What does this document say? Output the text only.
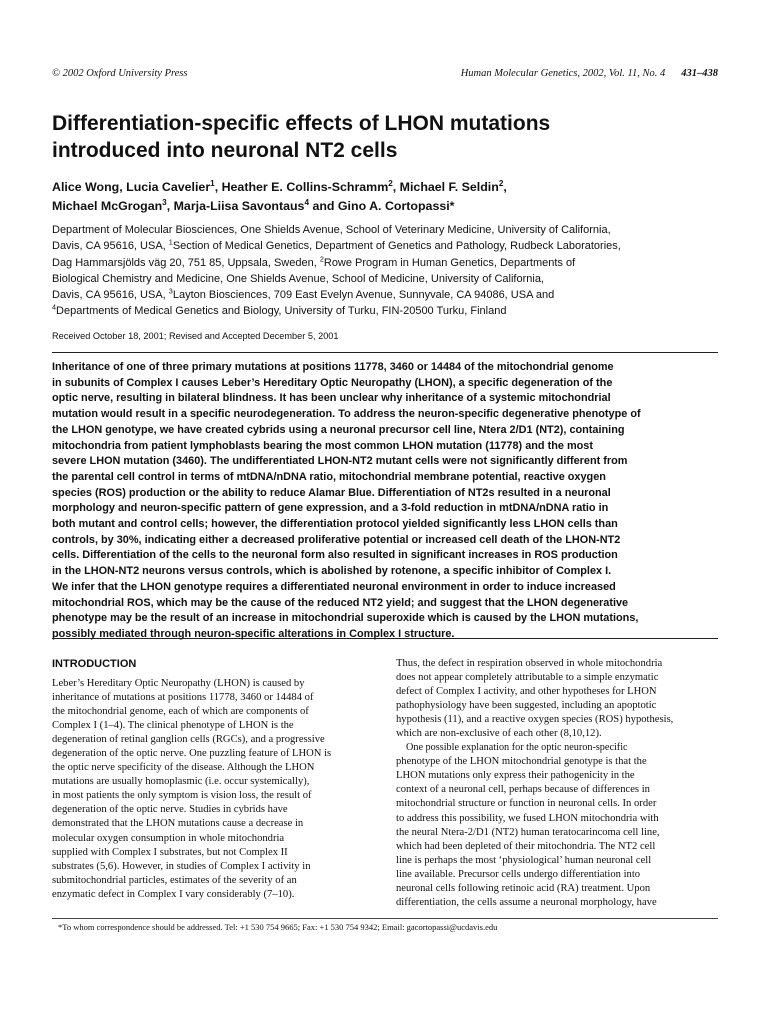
© 2002 Oxford University Press	Human Molecular Genetics, 2002, Vol. 11, No. 4 431–438
Differentiation-specific effects of LHON mutations
introduced into neuronal NT2 cells
Alice Wong, Lucia Cavelier$^1$, Heather E. Collins-Schramm$^2$, Michael F. Seldin$^2$,
Michael McGrogan$^3$, Marja-Liisa Savontaus$^4$ and Gino A. Cortopassi*
Department of Molecular Biosciences, One Shields Avenue, School of Veterinary Medicine, University of California,
Davis, CA 95616, USA, $^1$Section of Medical Genetics, Department of Genetics and Pathology, Rudbeck Laboratories,
Dag Hammarsjölds väg 20, 751 85, Uppsala, Sweden, $^2$Rowe Program in Human Genetics, Departments of
Biological Chemistry and Medicine, One Shields Avenue, School of Medicine, University of California,
Davis, CA 95616, USA, $^3$Layton Biosciences, 709 East Evelyn Avenue, Sunnyvale, CA 94086, USA and
$^4$Departments of Medical Genetics and Biology, University of Turku, FIN-20500 Turku, Finland
Received October 18, 2001; Revised and Accepted December 5, 2001
Inheritance of one of three primary mutations at positions 11778, 3460 or 14484 of the mitochondrial genome
in subunits of Complex I causes Leber’s Hereditary Optic Neuropathy (LHON), a specific degeneration of the
optic nerve, resulting in bilateral blindness. It has been unclear why inheritance of a systemic mitochondrial
mutation would result in a specific neurodegeneration. To address the neuron-specific degenerative phenotype of
the LHON genotype, we have created cybrids using a neuronal precursor cell line, Ntera 2/D1 (NT2), containing
mitochondria from patient lymphoblasts bearing the most common LHON mutation (11778) and the most
severe LHON mutation (3460). The undifferentiated LHON-NT2 mutant cells were not significantly different from
the parental cell control in terms of mtDNA/nDNA ratio, mitochondrial membrane potential, reactive oxygen
species (ROS) production or the ability to reduce Alamar Blue. Differentiation of NT2s resulted in a neuronal
morphology and neuron-specific pattern of gene expression, and a 3-fold reduction in mtDNA/nDNA ratio in
both mutant and control cells; however, the differentiation protocol yielded significantly less LHON cells than
controls, by 30%, indicating either a decreased proliferative potential or increased cell death of the LHON-NT2
cells. Differentiation of the cells to the neuronal form also resulted in significant increases in ROS production
in the LHON-NT2 neurons versus controls, which is abolished by rotenone, a specific inhibitor of Complex I.
We infer that the LHON genotype requires a differentiated neuronal environment in order to induce increased
mitochondrial ROS, which may be the cause of the reduced NT2 yield; and suggest that the LHON degenerative
phenotype may be the result of an increase in mitochondrial superoxide which is caused by the LHON mutations,
possibly mediated through neuron-specific alterations in Complex I structure.
INTRODUCTION
Leber’s Hereditary Optic Neuropathy (LHON) is caused by
inheritance of mutations at positions 11778, 3460 or 14484 of
the mitochondrial genome, each of which are components of
Complex I (1–4). The clinical phenotype of LHON is the
degeneration of retinal ganglion cells (RGCs), and a progressive
degeneration of the optic nerve. One puzzling feature of LHON is
the optic nerve specificity of the disease. Although the LHON
mutations are usually homoplasmic (i.e. occur systemically),
in most patients the only symptom is vision loss, the result of
degeneration of the optic nerve. Studies in cybrids have
demonstrated that the LHON mutations cause a decrease in
molecular oxygen consumption in whole mitochondria
supplied with Complex I substrates, but not Complex II
substrates (5,6). However, in studies of Complex I activity in
submitochondrial particles, estimates of the severity of an
enzymatic defect in Complex I vary considerably (7–10).
Thus, the defect in respiration observed in whole mitochondria
does not appear completely attributable to a simple enzymatic
defect of Complex I activity, and other hypotheses for LHON
pathophysiology have been suggested, including an apoptotic
hypothesis (11), and a reactive oxygen species (ROS) hypothesis,
which are non-exclusive of each other (8,10,12).
One possible explanation for the optic neuron-specific
phenotype of the LHON mitochondrial genotype is that the
LHON mutations only express their pathogenicity in the
context of a neuronal cell, perhaps because of differences in
mitochondrial structure or function in neuronal cells. In order
to address this possibility, we fused LHON mitochondria with
the neural Ntera-2/D1 (NT2) human teratocarincoma cell line,
which had been depleted of their mitochondria. The NT2 cell
line is perhaps the most ‘physiological’ human neuronal cell
line available. Precursor cells undergo differentiation into
neuronal cells following retinoic acid (RA) treatment. Upon
differentiation, the cells assume a neuronal morphology, have
*To whom correspondence should be addressed. Tel: +1 530 754 9665; Fax: +1 530 754 9342; Email: gacortopassi@ucdavis.edu
